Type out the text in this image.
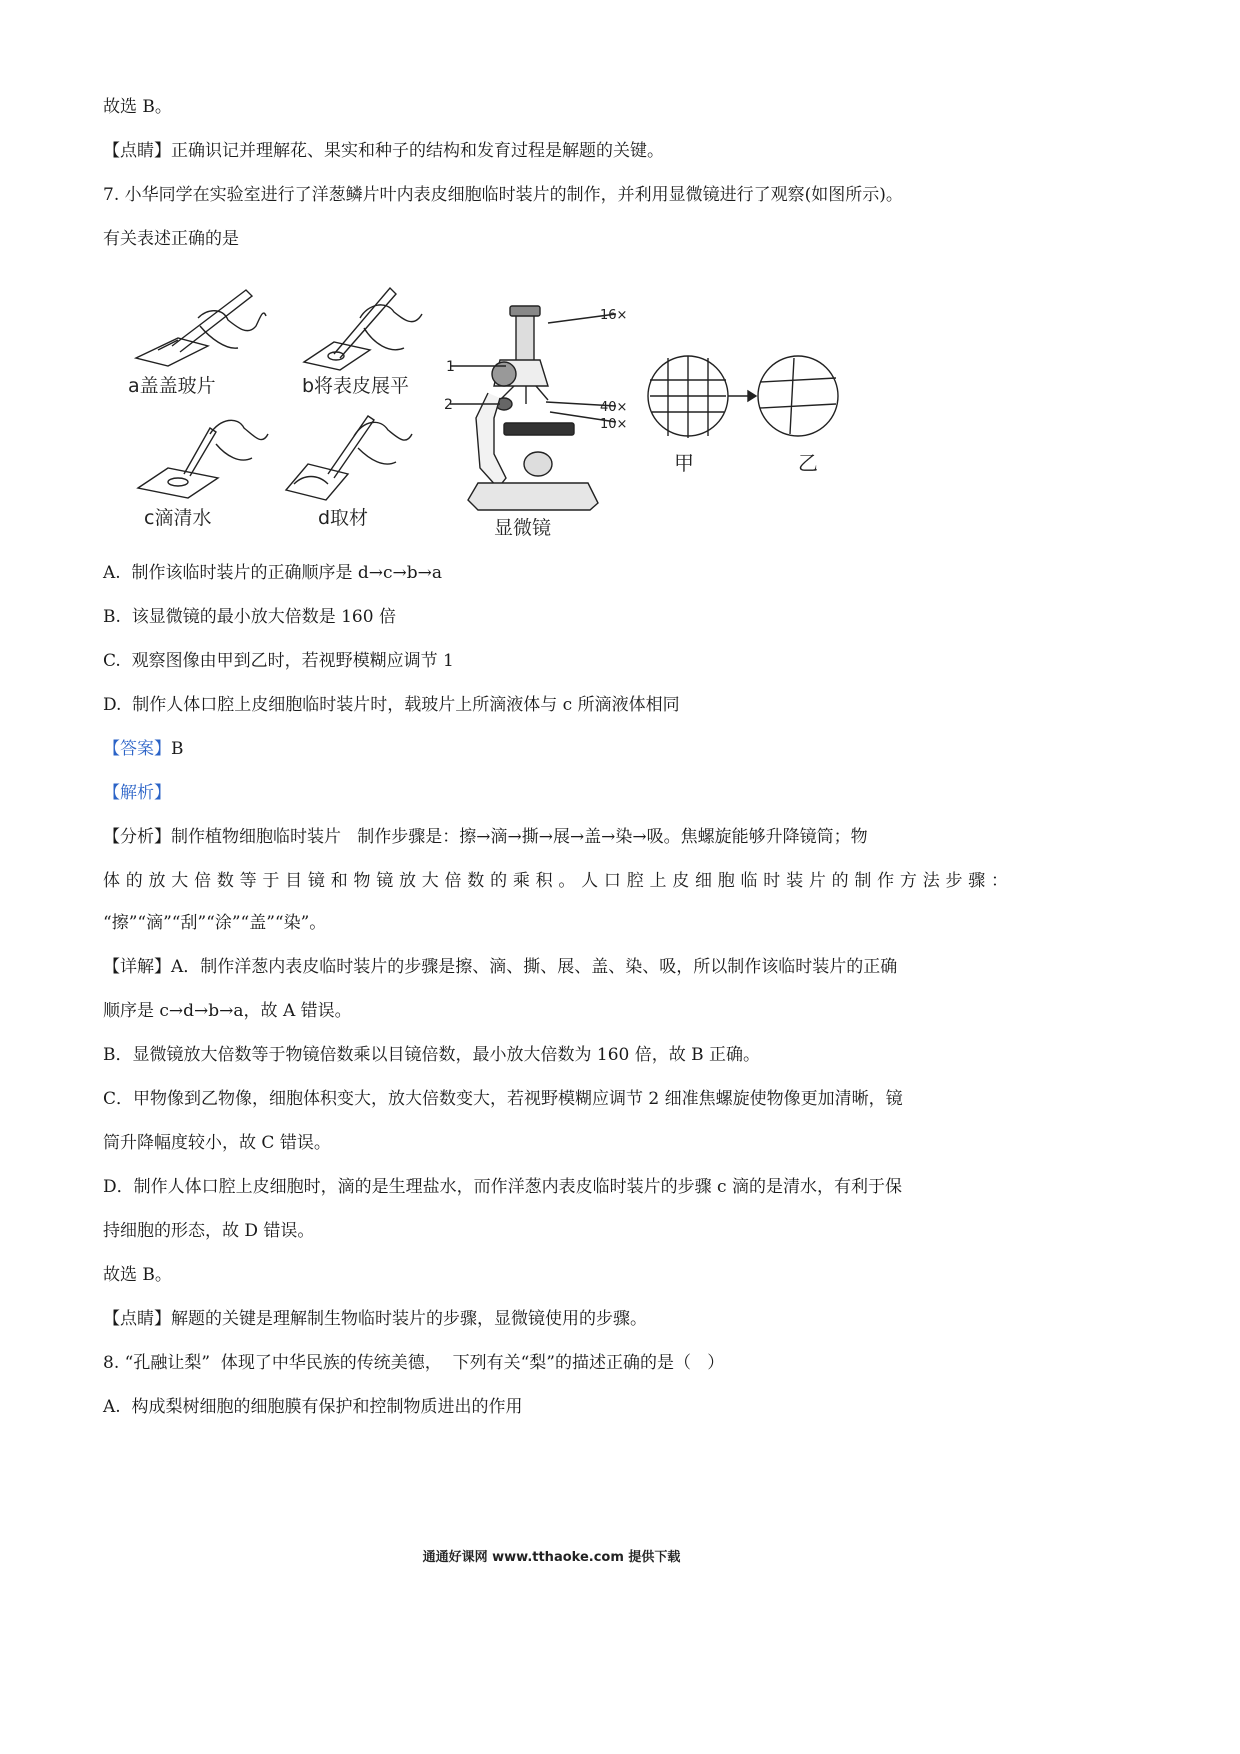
故选 B。
【点睛】正确识记并理解花、果实和种子的结构和发育过程是解题的关键。
7. 小华同学在实验室进行了洋葱鳞片叶内表皮细胞临时装片的制作，并利用显微镜进行了观察(如图所示)。
有关表述正确的是
a盖盖玻片	b将表皮展平
c滴清水	d取材	显微镜
16×
40×
10×
1
2
甲	乙
A.  制作该临时装片的正确顺序是 d→c→b→a
B.  该显微镜的最小放大倍数是 160 倍
C.  观察图像由甲到乙时，若视野模糊应调节 1
D.  制作人体口腔上皮细胞临时装片时，载玻片上所滴液体与 c 所滴液体相同
【答案】B
【解析】
【分析】制作植物细胞临时装片   制作步骤是：擦→滴→撕→展→盖→染→吸。焦螺旋能够升降镜筒；物
体的放大倍数等于目镜和物镜放大倍数的乘积。人口腔上皮细胞临时装片的制作方法步骤：
“擦”“滴”“刮”“涂”“盖”“染”。
【详解】A．制作洋葱内表皮临时装片的步骤是擦、滴、撕、展、盖、染、吸，所以制作该临时装片的正确
顺序是 c→d→b→a，故 A 错误。
B．显微镜放大倍数等于物镜倍数乘以目镜倍数，最小放大倍数为 160 倍，故 B 正确。
C．甲物像到乙物像，细胞体积变大，放大倍数变大，若视野模糊应调节 2 细准焦螺旋使物像更加清晰，镜
筒升降幅度较小，故 C 错误。
D．制作人体口腔上皮细胞时，滴的是生理盐水，而作洋葱内表皮临时装片的步骤 c 滴的是清水，有利于保
持细胞的形态，故 D 错误。
故选 B。
【点睛】解题的关键是理解制生物临时装片的步骤，显微镜使用的步骤。
8. “孔融让梨”  体现了中华民族的传统美德，  下列有关“梨”的描述正确的是（   ）
A.  构成梨树细胞的细胞膜有保护和控制物质进出的作用
通通好课网 www.tthaoke.com 提供下载
